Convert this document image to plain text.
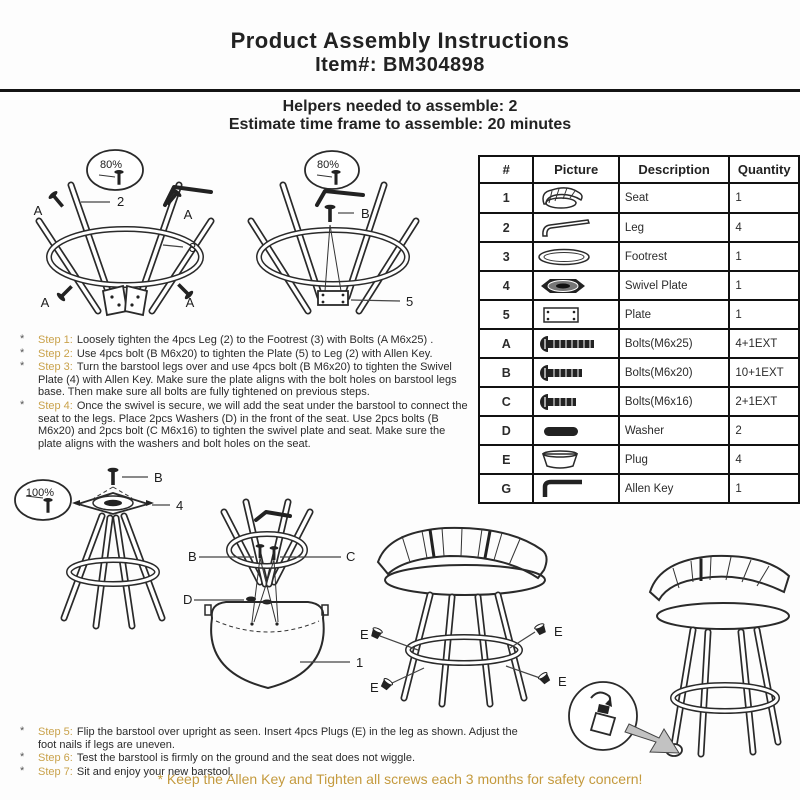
Product Assembly Instructions
Item#: BM304898
Helpers needed to assemble: 2
Estimate time frame to assemble: 20 minutes
A	A
A	A
2
3
80%
B
5
80%	#	Picture	Description	Quantity
1		Seat	1
2		Leg	4
3		Footrest	1
4		Swivel Plate	1
5		Plate	1
A		Bolts(M6x25)	4+1EXT
B		Bolts(M6x20)	10+1EXT
C		Bolts(M6x16)	2+1EXT
D		Washer	2
E		Plug	4
G		Allen Key	1
* Step 1: Loosely tighten the 4pcs Leg (2) to the Footrest (3) with Bolts (A M6x25) .
* Step 2: Use 4pcs bolt (B M6x20) to tighten the Plate (5) to Leg (2) with Allen Key.
* Step 3: Turn the barstool legs over and use 4pcs bolt (B M6x20) to tighten the Swivel Plate (4) with Allen Key. Make sure the plate aligns with the bolt holes on barstool legs base. Then make sure all bolts are fully tightened on previous steps.
* Step 4: Once the swivel is secure, we will add the seat under the barstool to connect the seat to the legs. Place 2pcs Washers (D) in the front of the seat. Use 2pcs bolts (B M6x20) and 2pcs bolt (C M6x16) to tighten the swivel plate and seat. Make sure the plate aligns with the washers and bolt holes on the seat.
B
4
100%
B	C
D
1
E	E
E	E
* Step 5: Flip the barstool over upright as seen. Insert 4pcs Plugs (E) in the leg as shown. Adjust the foot nails if legs are uneven.
* Step 6: Test the barstool is firmly on the ground and the seat does not wiggle.
* Step 7: Sit and enjoy your new barstool.
* Keep the Allen Key and Tighten all screws each 3 months for safety concern!
